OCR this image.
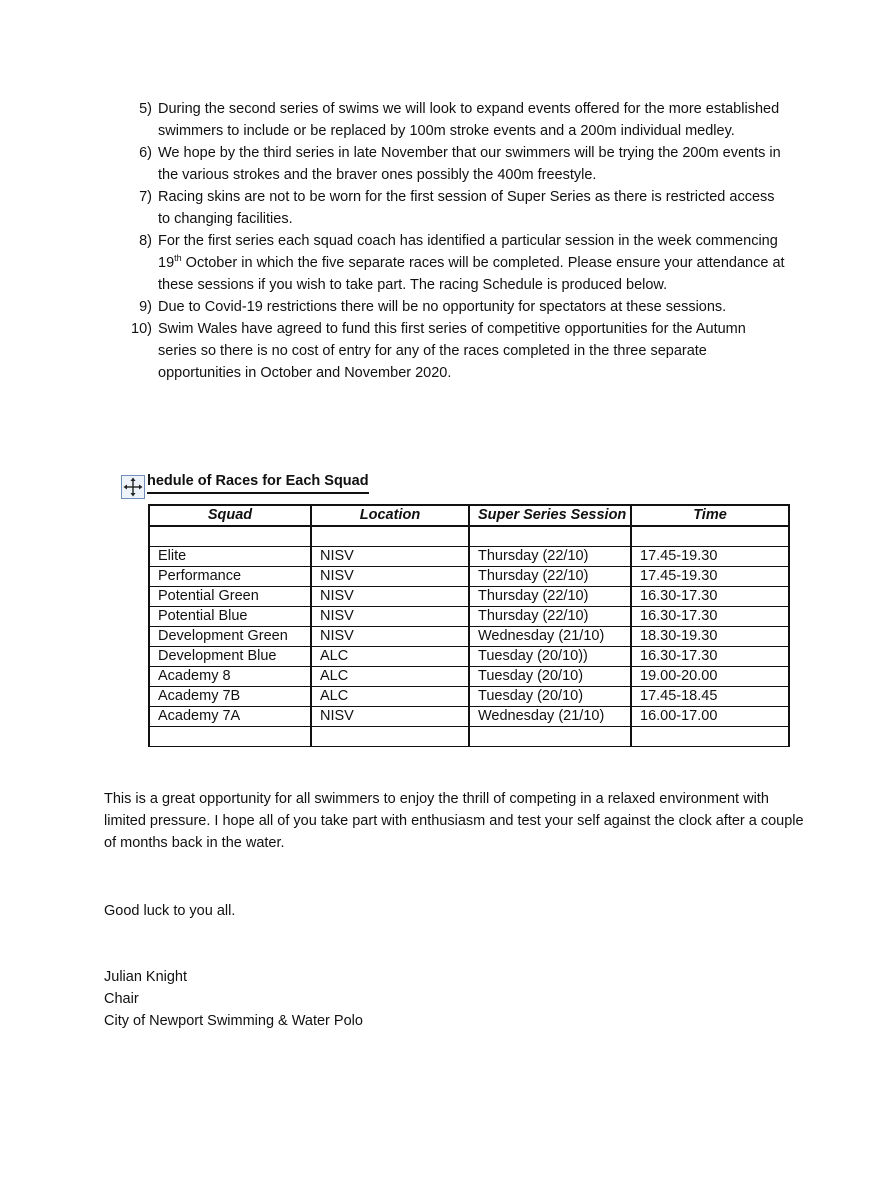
5) During the second series of swims we will look to expand events offered for the more established swimmers to include or be replaced by 100m stroke events and a 200m individual medley.
6) We hope by the third series in late November that our swimmers will be trying the 200m events in the various strokes and the braver ones possibly the 400m freestyle.
7) Racing skins are not to be worn for the first session of Super Series as there is restricted access to changing facilities.
8) For the first series each squad coach has identified a particular session in the week commencing 19th October in which the five separate races will be completed. Please ensure your attendance at these sessions if you wish to take part. The racing Schedule is produced below.
9) Due to Covid-19 restrictions there will be no opportunity for spectators at these sessions.
10) Swim Wales have agreed to fund this first series of competitive opportunities for the Autumn series so there is no cost of entry for any of the races completed in the three separate opportunities in October and November 2020.
hedule of Races for Each Squad
Squad	Location	Super Series Session	Time

Elite	NISV	Thursday (22/10)	17.45-19.30
Performance	NISV	Thursday (22/10)	17.45-19.30
Potential Green	NISV	Thursday (22/10)	16.30-17.30
Potential Blue	NISV	Thursday (22/10)	16.30-17.30
Development Green	NISV	Wednesday (21/10)	18.30-19.30
Development Blue	ALC	Tuesday (20/10))	16.30-17.30
Academy 8	ALC	Tuesday (20/10)	19.00-20.00
Academy 7B	ALC	Tuesday (20/10)	17.45-18.45
Academy 7A	NISV	Wednesday (21/10)	16.00-17.00

This is a great opportunity for all swimmers to enjoy the thrill of competing in a relaxed environment with limited pressure. I hope all of you take part with enthusiasm and test your self against the clock after a couple of months back in the water.

Good luck to you all.

Julian Knight
Chair
City of Newport Swimming & Water Polo
